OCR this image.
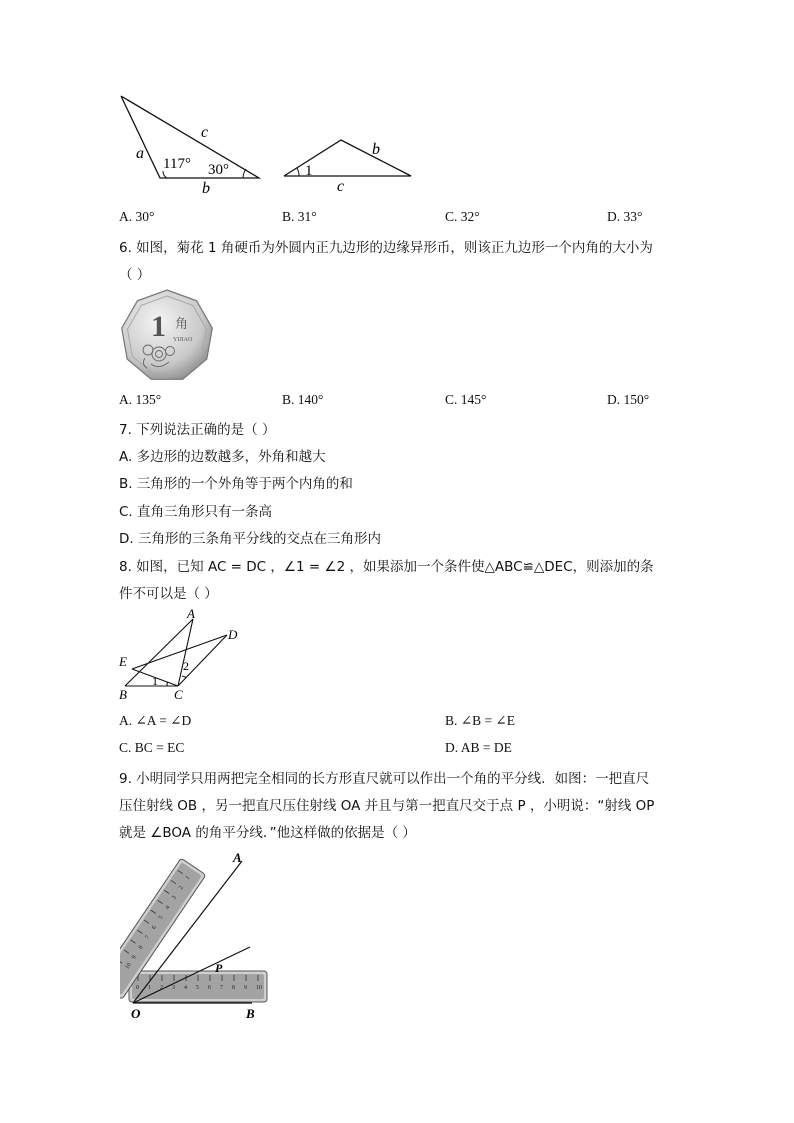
a
c
b
117° 30°
b
c
1
A. 30°	B. 31°	C. 32°	D. 33°
6. 如图，菊花 1 角硬币为外圆内正九边形的边缘异形币，则该正九边形一个内角的大小为
（ ）
1 角
YIJIAO
A. 135°	B. 140°	C. 145°	D. 150°
7. 下列说法正确的是（ ）
A. 多边形的边数越多，外角和越大
B. 三角形的一个外角等于两个内角的和
C. 直角三角形只有一条高
D. 三角形的三条角平分线的交点在三角形内
8. 如图，已知 AC = DC ，∠1 = ∠2 ，如果添加一个条件使△ABC≌△DEC，则添加的条
件不可以是（ ）
A
B	C
D
E
1
2
A. ∠A = ∠D	B. ∠B = ∠E
C. BC = EC	D. AB = DE
9. 小明同学只用两把完全相同的长方形直尺就可以作出一个角的平分线．如图：一把直尺
压住射线 OB ，另一把直尺压住射线 OA 并且与第一把直尺交于点 P ，小明说：“射线 OP
就是 ∠BOA 的角平分线．”他这样做的依据是（ ）
0 1 2 3 4 5 6 7 8 9 10
1
2
3
4
5
6
7
8
9
10
A
O	B
P
